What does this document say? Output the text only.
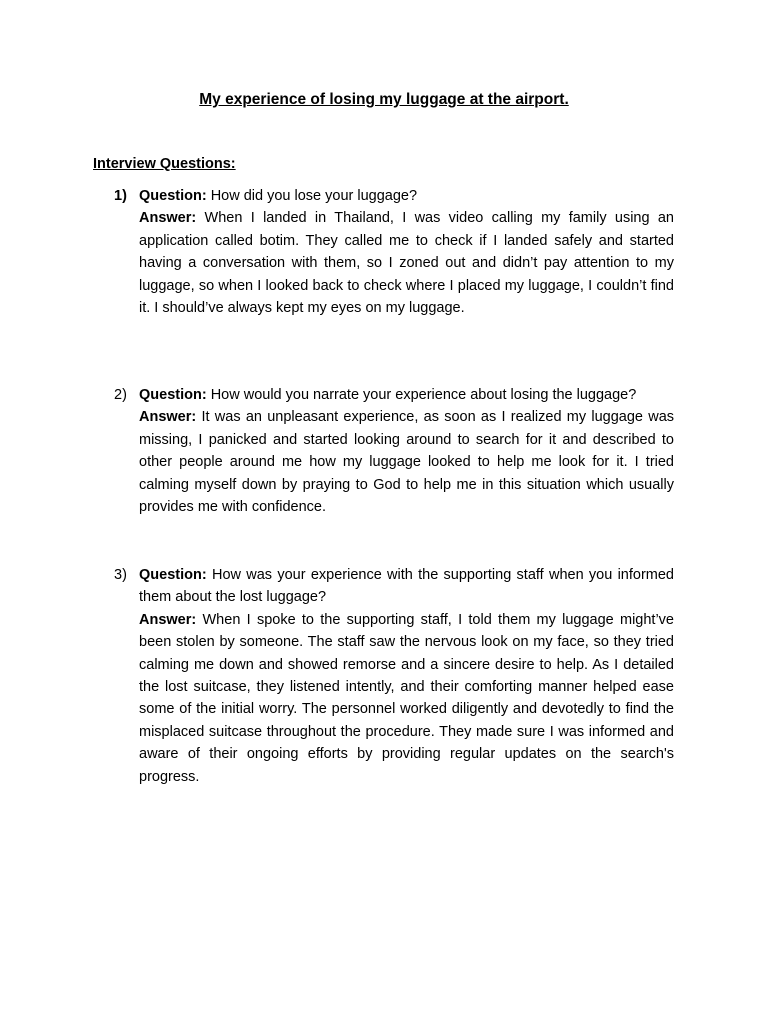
My experience of losing my luggage at the airport.
Interview Questions:
1) Question: How did you lose your luggage?
Answer: When I landed in Thailand, I was video calling my family using an application called botim. They called me to check if I landed safely and started having a conversation with them, so I zoned out and didn’t pay attention to my luggage, so when I looked back to check where I placed my luggage, I couldn’t find it. I should’ve always kept my eyes on my luggage.
2) Question: How would you narrate your experience about losing the luggage?
Answer: It was an unpleasant experience, as soon as I realized my luggage was missing, I panicked and started looking around to search for it and described to other people around me how my luggage looked to help me look for it. I tried calming myself down by praying to God to help me in this situation which usually provides me with confidence.
3) Question: How was your experience with the supporting staff when you informed them about the lost luggage?
Answer: When I spoke to the supporting staff, I told them my luggage might’ve been stolen by someone. The staff saw the nervous look on my face, so they tried calming me down and showed remorse and a sincere desire to help. As I detailed the lost suitcase, they listened intently, and their comforting manner helped ease some of the initial worry. The personnel worked diligently and devotedly to find the misplaced suitcase throughout the procedure. They made sure I was informed and aware of their ongoing efforts by providing regular updates on the search's progress.
